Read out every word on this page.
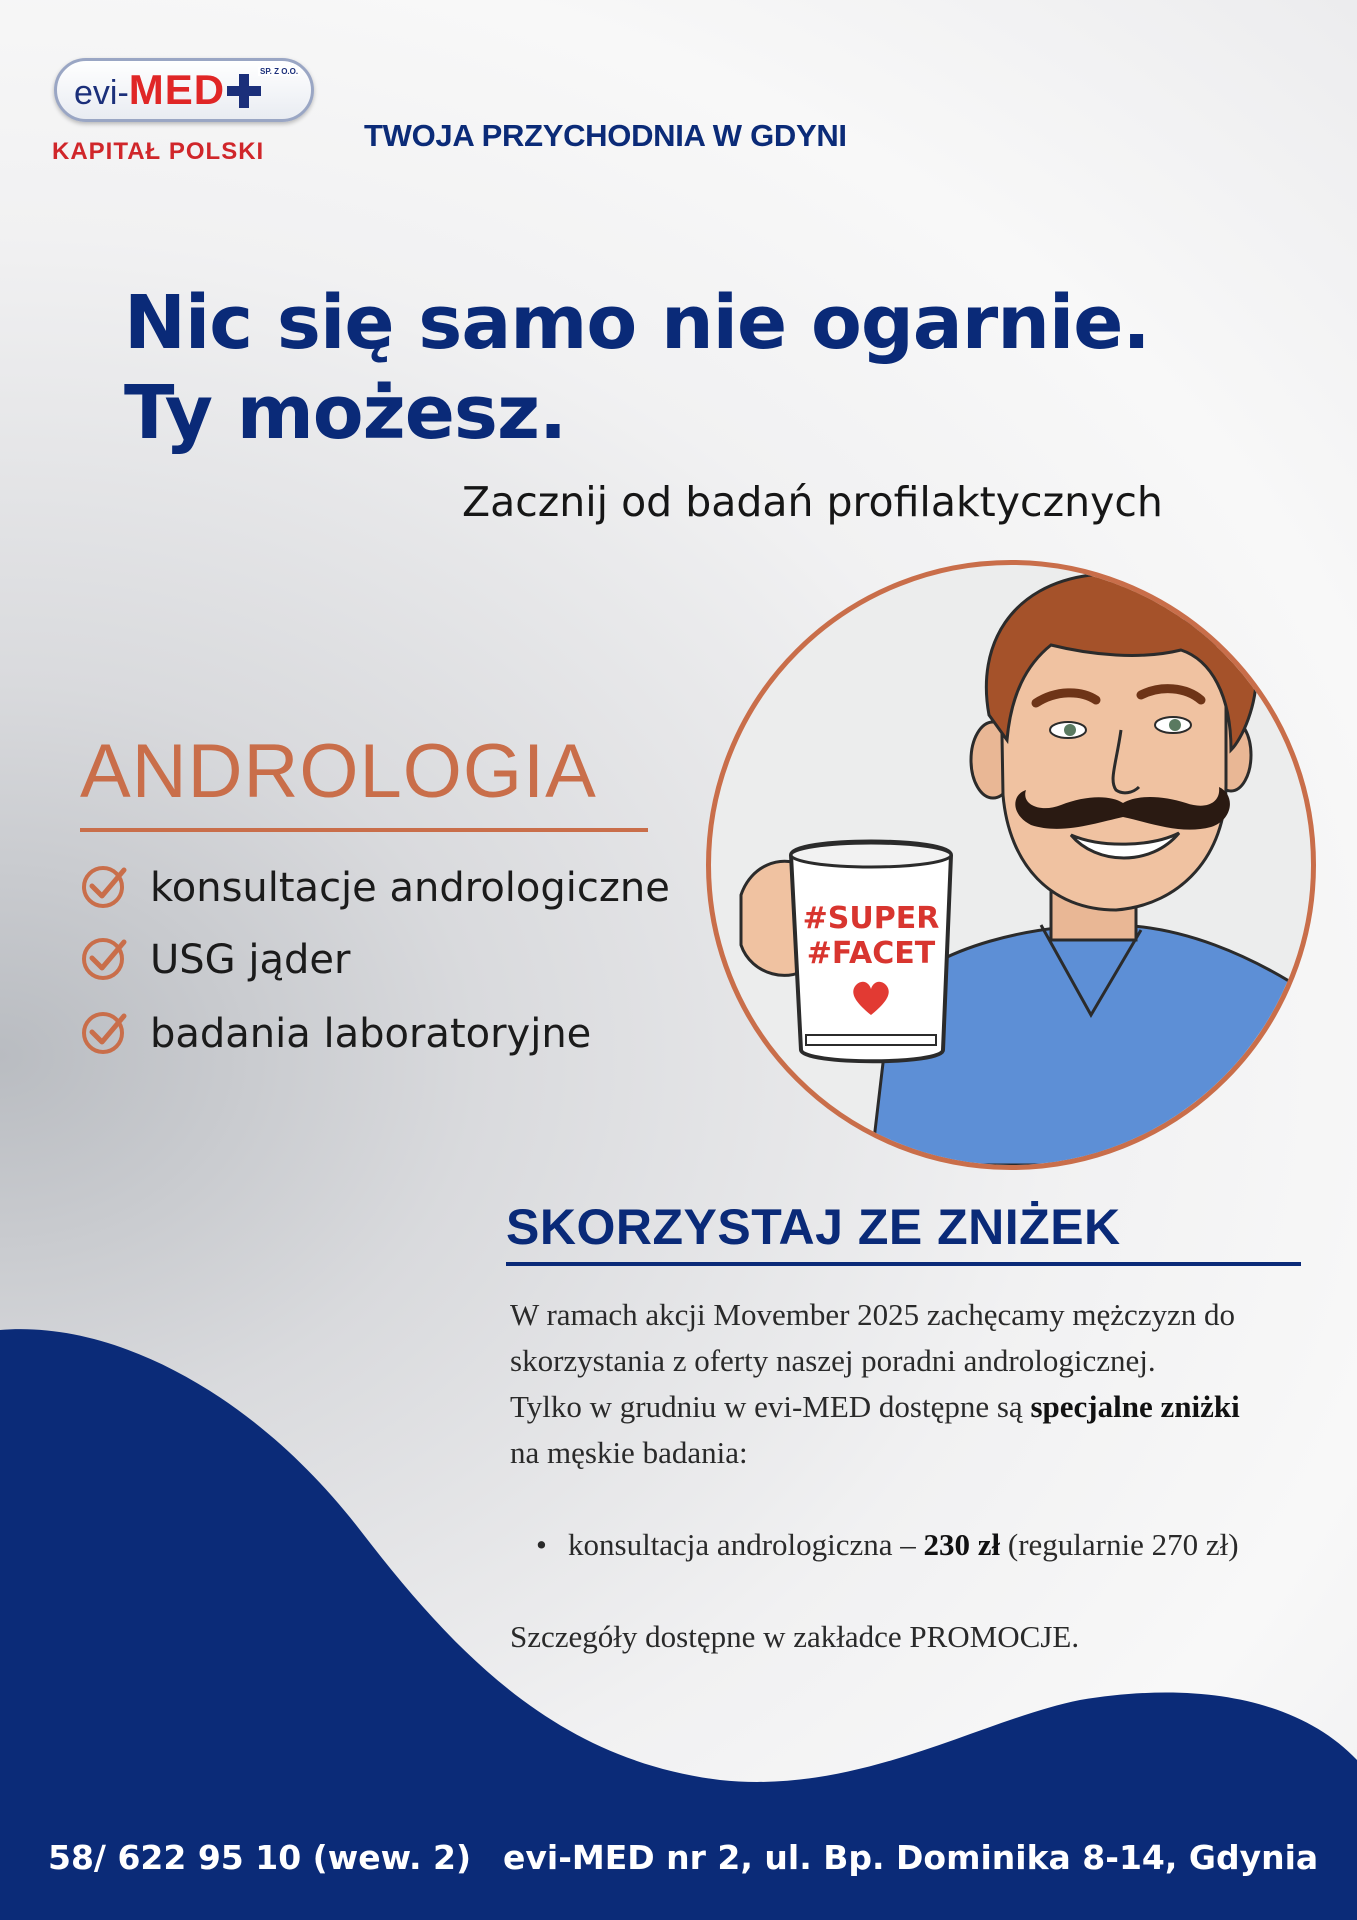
evi-MED	SP. Z O.O.
KAPITAŁ POLSKI	TWOJA PRZYCHODNIA W GDYNI
Nic się samo nie ogarnie.
Ty możesz.
Zacznij od badań profilaktycznych
#SUPER
#FACET
ANDROLOGIA
konsultacje andrologiczne
USG jąder
badania laboratoryjne
SKORZYSTAJ ZE ZNIŻEK

W ramach akcji Movember 2025 zachęcamy mężczyzn do

skorzystania z oferty naszej poradni andrologicznej.

Tylko w grudniu w evi-MED dostępne są specjalne zniżki

na męskie badania:

• konsultacja andrologiczna – 230 zł (regularnie 270 zł)

Szczegóły dostępne w zakładce PROMOCJE.

58/ 622 95 10 (wew. 2) evi-MED nr 2, ul. Bp. Dominika 8-14, Gdynia
